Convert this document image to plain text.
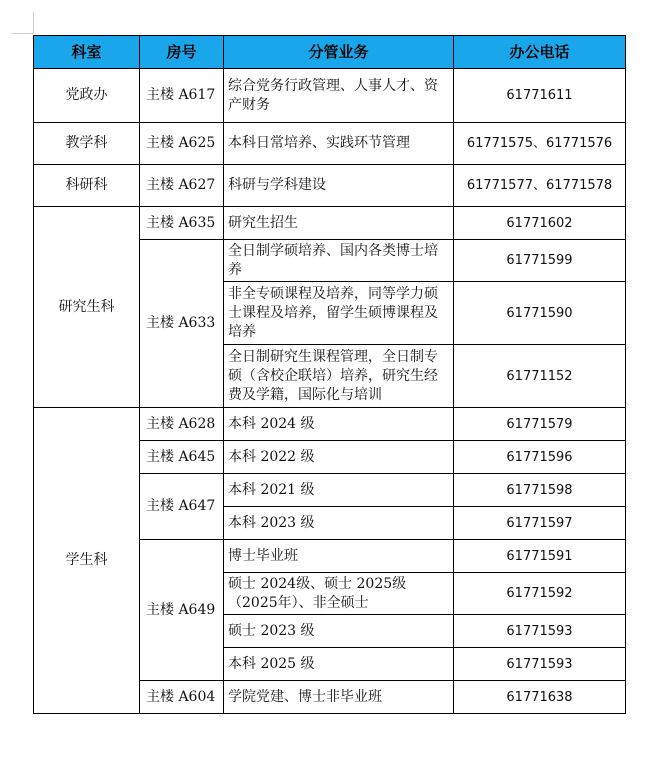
科室	房号	分管业务	办公电话
党政办	主楼 A617	综合党务行政管理、人事人才、资产财务	61771611
教学科	主楼 A625	本科日常培养、实践环节管理	61771575、61771576
科研科	主楼 A627	科研与学科建设	61771577、61771578
研究生科	主楼 A635	研究生招生	61771602
	主楼 A633	全日制学硕培养、国内各类博士培养	61771599
		非全专硕课程及培养，同等学力硕士课程及培养，留学生硕博课程及培养	61771590
		全日制研究生课程管理，全日制专硕（含校企联培）培养，研究生经费及学籍，国际化与培训	61771152
学生科	主楼 A628	本科 2024 级	61771579
	主楼 A645	本科 2022 级	61771596
	主楼 A647	本科 2021 级	61771598
		本科 2023 级	61771597
	主楼 A649	博士毕业班	61771591
		硕士 2024级、硕士 2025级（2025年）、非全硕士	61771592
		硕士 2023 级	61771593
		本科 2025 级	61771593
	主楼 A604	学院党建、博士非毕业班	61771638
